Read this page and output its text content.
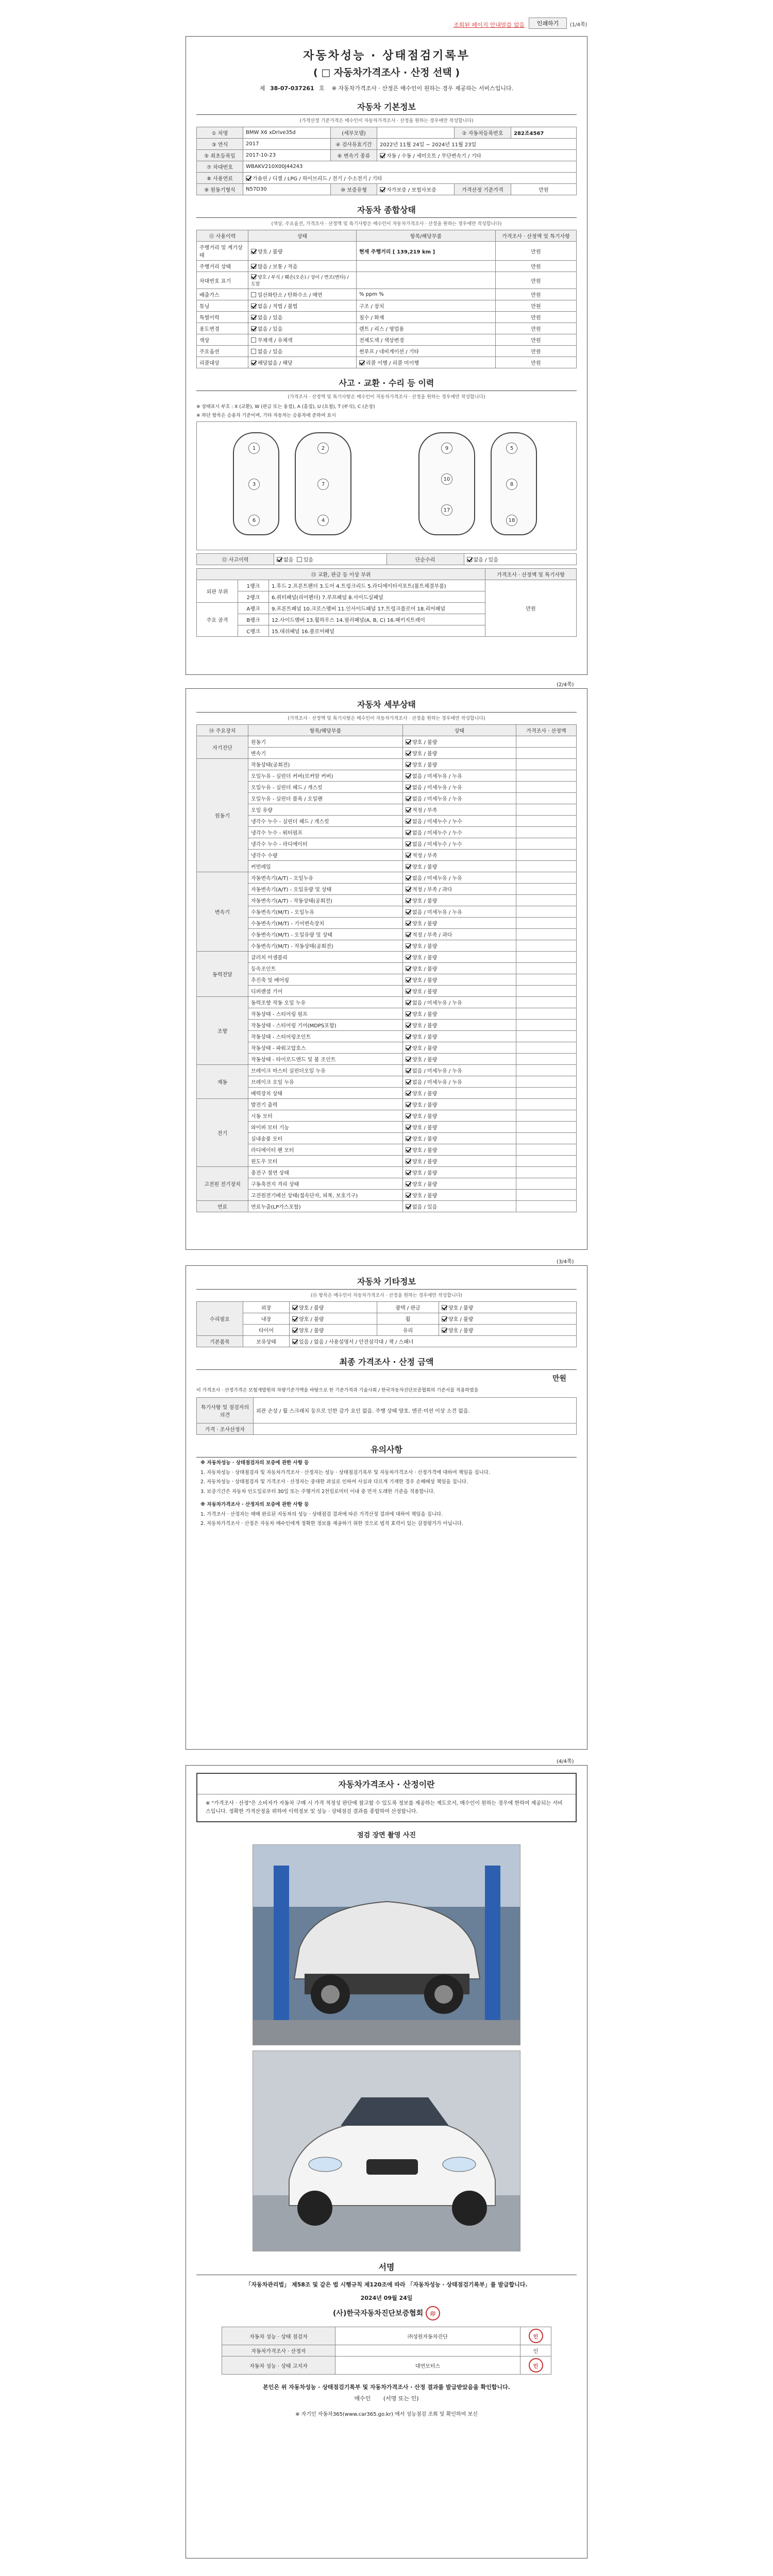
조회된 페이지 안내말씀 없음	인쇄하기	(1/4쪽)
자동차성능 · 상태점검기록부
( □ 자동차가격조사 · 산정 선택 )
제 38-07-037261 호 ※ 자동차가격조사 · 산정은 매수인이 원하는 경우 제공하는 서비스입니다.
자동차 기본정보
(가격산정 기준가격은 매수인이 자동차가격조사 · 산정을 원하는 경우에만 작성합니다)
① 차명	BMW X6 xDrive35d	(세부모델)		② 자동차등록번호	282조4567
③ 연식	2017	④ 검사유효기간	2022년 11월 24일 ~ 2024년 11월 23일		
⑤ 최초등록일	2017-10-23	⑥ 변속기 종류	자동 / 수동 / 세미오토 / 무단변속기 / 기타		
⑦ 차대번호	WBAKV210X00J44243				
⑧ 사용연료	가솔린 / 디젤 / LPG / 하이브리드 / 전기 / 수소전기 / 기타				
⑨ 원동기형식	N57D30	⑩ 보증유형	자가보증 / 보험사보증	가격산정 기준가격	만원
자동차 종합상태
(색상, 주요옵션, 가격조사 · 산정액 및 특기사항은 매수인이 자동차가격조사 · 산정을 원하는 경우에만 작성합니다)
⑪ 사용이력	상태	항목/해당부품	가격조사 · 산정액 및 특기사항
주행거리 및 계기상태	양호 / 불량	현재 주행거리 [ 139,219 km ]	만원
주행거리 상태	많음 / 보통 / 적음		만원
차대번호 표기	양호 / 부식 / 훼손(오손) / 상이 / 변조(변타) / 도말		만원
배출가스	일산화탄소 / 탄화수소 / 매연	% ppm %	만원
튜닝	없음 / 적법 / 불법	구조 / 장치	만원
특별이력	없음 / 있음	침수 / 화재	만원
용도변경	없음 / 있음	렌트 / 리스 / 영업용	만원
색상	무채색 / 유채색	전체도색 / 색상변경	만원
주요옵션	없음 / 있음	썬루프 / 네비게이션 / 기타	만원
리콜대상	해당없음 / 해당	리콜 이행 / 리콜 미이행	만원
사고 · 교환 · 수리 등 이력
(가격조사 · 산정액 및 특기사항은 매수인이 자동차가격조사 · 산정을 원하는 경우에만 작성합니다)
※ 상태표시 부호 : X (교환), W (판금 또는 용접), A (흠집), U (요철), T (부식), C (손상)
※ 하단 항목은 승용차 기준이며, 기타 자동차는 승용차에 준하여 표시
1
3
6
2
7
4
9
10
17
5
8
18
⑫ 사고이력	없음 있음	단순수리	없음 / 있음
⑬ 교환, 판금 등 이상 부위			가격조사 · 산정액 및 특기사항
외판 부위	1랭크	1.후드 2.프론트펜더 3.도어 4.트렁크리드 5.라디에이터서포트(볼트체결부품)	만원
	2랭크	6.쿼터패널(리어펜더) 7.루프패널 8.사이드실패널	
주요 골격	A랭크	9.프론트패널 10.크로스멤버 11.인사이드패널 17.트렁크플로어 18.리어패널	
	B랭크	12.사이드멤버 13.휠하우스 14.필러패널(A, B, C) 16.패키지트레이	
	C랭크	15.대쉬패널 16.플로어패널	
(2/4쪽)
자동차 세부상태
(가격조사 · 산정액 및 특기사항은 매수인이 자동차가격조사 · 산정을 원하는 경우에만 작성합니다)
⑭ 주요장치	항목/해당부품	상태	가격조사 · 산정액
자기진단	원동기	양호 / 불량	
	변속기	양호 / 불량	
원동기	작동상태(공회전)	양호 / 불량	
	오일누유 - 실린더 커버(로커암 커버)	없음 / 미세누유 / 누유	
	오일누유 - 실린더 헤드 / 개스킷	없음 / 미세누유 / 누유	
	오일누유 - 실린더 블록 / 오일팬	없음 / 미세누유 / 누유	
	오일 유량	적정 / 부족	
	냉각수 누수 - 실린더 헤드 / 개스킷	없음 / 미세누수 / 누수	
	냉각수 누수 - 워터펌프	없음 / 미세누수 / 누수	
	냉각수 누수 - 라디에이터	없음 / 미세누수 / 누수	
	냉각수 수량	적정 / 부족	
	커먼레일	양호 / 불량	
변속기	자동변속기(A/T) - 오일누유	없음 / 미세누유 / 누유	
	자동변속기(A/T) - 오일유량 및 상태	적정 / 부족 / 과다	
	자동변속기(A/T) - 작동상태(공회전)	양호 / 불량	
	수동변속기(M/T) - 오일누유	없음 / 미세누유 / 누유	
	수동변속기(M/T) - 기어변속장치	양호 / 불량	
	수동변속기(M/T) - 오일유량 및 상태	적정 / 부족 / 과다	
	수동변속기(M/T) - 작동상태(공회전)	양호 / 불량	
동력전달	클러치 어셈블리	양호 / 불량	
	등속조인트	양호 / 불량	
	추진축 및 베어링	양호 / 불량	
	디퍼렌셜 기어	양호 / 불량	
조향	동력조향 작동 오일 누유	없음 / 미세누유 / 누유	
	작동상태 - 스티어링 펌프	양호 / 불량	
	작동상태 - 스티어링 기어(MDPS포함)	양호 / 불량	
	작동상태 - 스티어링조인트	양호 / 불량	
	작동상태 - 파워고압호스	양호 / 불량	
	작동상태 - 타이로드엔드 및 볼 조인트	양호 / 불량	
제동	브레이크 마스터 실린더오일 누유	없음 / 미세누유 / 누유	
	브레이크 오일 누유	없음 / 미세누유 / 누유	
	배력장치 상태	양호 / 불량	
전기	발전기 출력	양호 / 불량	
	시동 모터	양호 / 불량	
	와이퍼 모터 기능	양호 / 불량	
	실내송풍 모터	양호 / 불량	
	라디에이터 팬 모터	양호 / 불량	
	윈도우 모터	양호 / 불량	
고전원 전기장치	충전구 절연 상태	양호 / 불량	
	구동축전지 격리 상태	양호 / 불량	
	고전원전기배선 상태(접속단자, 피복, 보호기구)	양호 / 불량	
연료	연료누출(LP가스포함)	없음 / 있음	
(3/4쪽)
자동차 기타정보
(⑮ 항목은 매수인이 자동차가격조사 · 산정을 원하는 경우에만 작성합니다)
수리필요	외장	양호 / 불량	광택 / 판금	양호 / 불량
	내장	양호 / 불량	휠	양호 / 불량
	타이어	양호 / 불량	유리	양호 / 불량
기본품목	보유상태	있음 / 없음 / 사용설명서 / 안전삼각대 / 잭 / 스패너		
최종 가격조사 · 산정 금액
만원
이 가격조사 · 산정가격은 보험개발원의 차량기준가액을 바탕으로 한 기준가격과 기술사회 / 한국자동차진단보증협회의 기준서를 적용하였음
특기사항 및 점검자의 의견	외관 손상 / 휠 스크래치 등으로 인한 감가 요인 없음. 주행 상태 양호. 엔진·미션 이상 소견 없음.
가격 · 조사산정자	
유의사항

※ 자동차성능 · 상태점검자의 보증에 관한 사항 등

1. 자동차성능 · 상태점검자 및 자동차가격조사 · 산정자는 성능 · 상태점검기록부 및 자동차가격조사 · 산정가격에 대하여 책임을 집니다.

2. 자동차성능 · 상태점검자 및 가격조사 · 산정자는 중대한 과실로 인하여 사실과 다르게 기재한 경우 손해배상 책임을 집니다.

3. 보증기간은 자동차 인도일로부터 30일 또는 주행거리 2천킬로미터 이내 중 먼저 도래한 기준을 적용합니다.

※ 자동차가격조사 · 산정자의 보증에 관한 사항 등

1. 가격조사 · 산정자는 매매 완료된 자동차의 성능 · 상태점검 결과에 따른 가격산정 결과에 대하여 책임을 집니다.

2. 자동차가격조사 · 산정은 자동차 매수인에게 정확한 정보를 제공하기 위한 것으로 법적 효력이 있는 감정평가가 아닙니다.

(4/4쪽)
자동차가격조사 · 산정이란
※ "가격조사 · 산정"은 소비자가 자동차 구매 시 가격 적정성 판단에 참고할 수 있도록 정보를 제공하는 제도로서, 매수인이 원하는 경우에 한하여 제공되는 서비스입니다. 정확한 가격산정을 위하여 이력정보 및 성능 · 상태점검 결과를 종합하여 산정합니다.
점검 장면 촬영 사진
서명
「자동차관리법」 제58조 및 같은 법 시행규칙 제120조에 따라 「자동차성능 · 상태점검기록부」를 발급합니다.
2024년 09월 24일
(사)한국자동차진단보증협회 印
자동차 성능 · 상태 점검자	㈜성원자동차진단	인
자동차가격조사 · 산정자		인
자동차 성능 · 상태 고지자	대연모터스	인
본인은 위 자동차성능 · 상태점검기록부 및 자동차가격조사 · 산정 결과를 발급받았음을 확인합니다.
매수인 (서명 또는 인)
※ 자기인 자동차365(www.car365.go.kr) 에서 성능점검 조회 및 확인하여 보신
